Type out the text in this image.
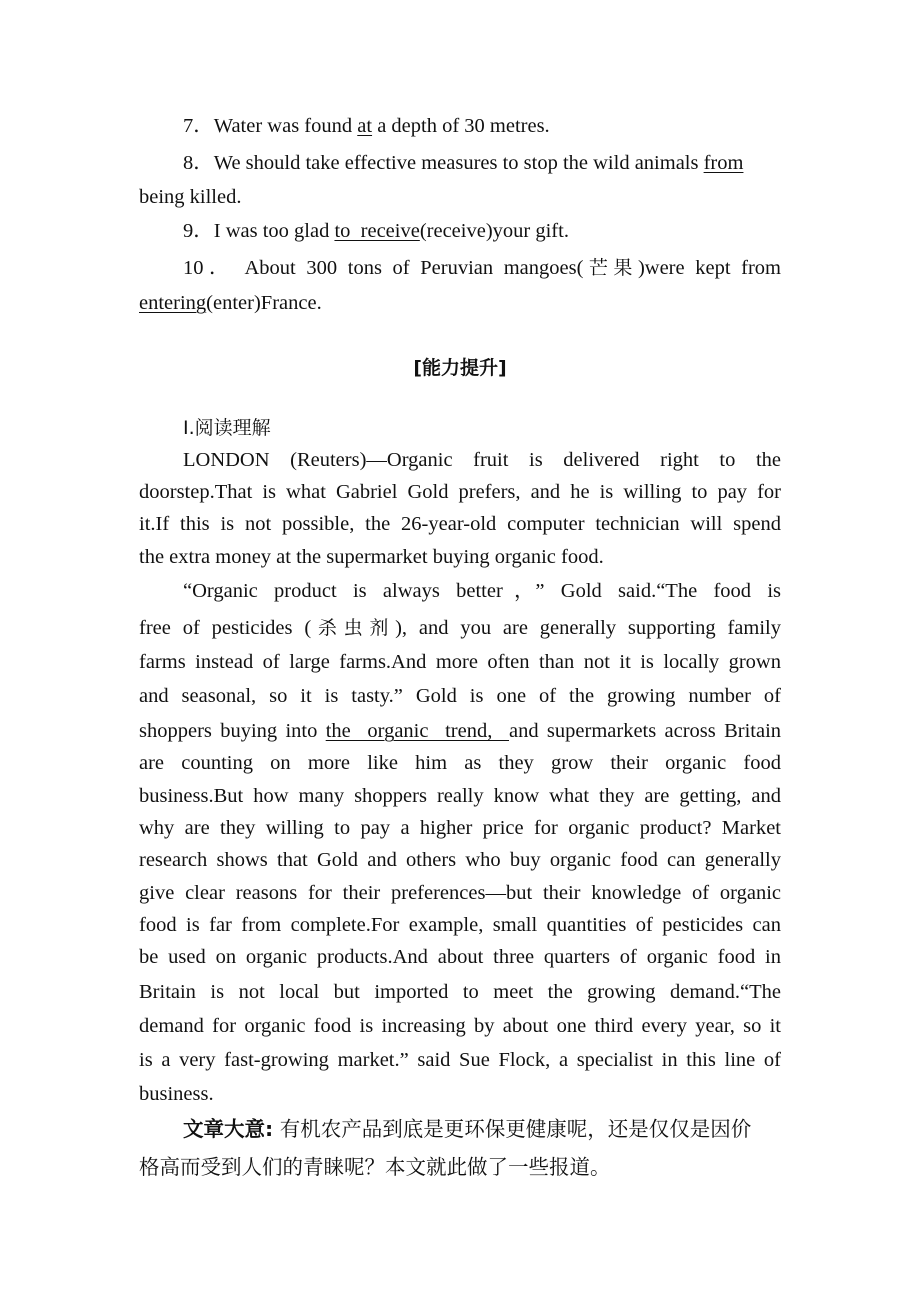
7．Water was found at a depth of 30 metres.

8．We should take effective measures to stop the wild animals from

being killed.

9．I was too glad to  receive(receive)your gift.

10． About 300 tons of Peruvian mangoes(芒果)were kept from

entering(enter)France.

[能力提升]

Ⅰ.阅读理解

LONDON (Reuters)—Organic fruit is delivered right to the

doorstep.That is what Gabriel Gold prefers, and he is willing to pay for

it.If this is not possible, the 26-year-old computer technician will spend

the extra money at the supermarket buying organic food.

“Organic product is always better，” Gold said.“The food is

free of pesticides (杀虫剂), and you are generally supporting family

farms instead of large farms.And more often than not it is locally grown

and seasonal, so it is tasty.” Gold is one of the growing number of

shoppers buying into the  organic  trend,  and supermarkets across Britain

are counting on more like him as they grow their organic food

business.But how many shoppers really know what they are getting, and

why are they willing to pay a higher price for organic product? Market

research shows that Gold and others who buy organic food can generally

give clear reasons for their preferences—but their knowledge of organic

food is far from complete.For example, small quantities of pesticides can

be used on organic products.And about three quarters of organic food in

Britain is not local but imported to meet the growing demand.“The

demand for organic food is increasing by about one third every year, so it

is a very fast-growing market.” said Sue Flock, a specialist in this line of

business.

文章大意: 有机农产品到底是更环保更健康呢，还是仅仅是因价

格高而受到人们的青睐呢？本文就此做了一些报道。
